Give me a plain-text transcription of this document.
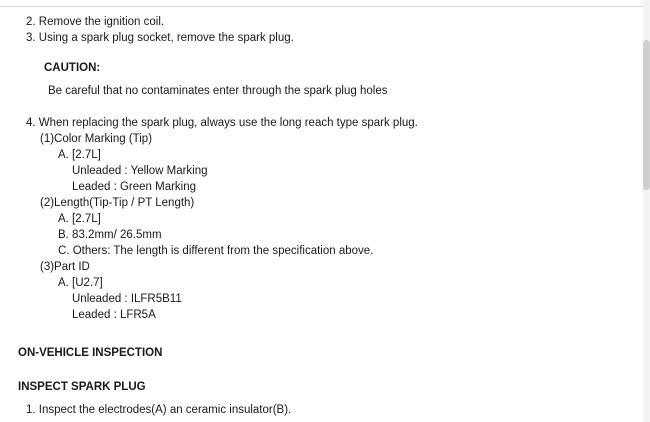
2. Remove the ignition coil.
3. Using a spark plug socket, remove the spark plug.
CAUTION:
Be careful that no contaminates enter through the spark plug holes
4. When replacing the spark plug, always use the long reach type spark plug.
(1)Color Marking (Tip)
A. [2.7L]
Unleaded : Yellow Marking
Leaded : Green Marking
(2)Length(Tip-Tip / PT Length)
A. [2.7L]
B. 83.2mm/ 26.5mm
C. Others: The length is different from the specification above.
(3)Part ID
A. [U2.7]
Unleaded : ILFR5B11
Leaded : LFR5A
ON-VEHICLE INSPECTION
INSPECT SPARK PLUG
1. Inspect the electrodes(A) an ceramic insulator(B).
